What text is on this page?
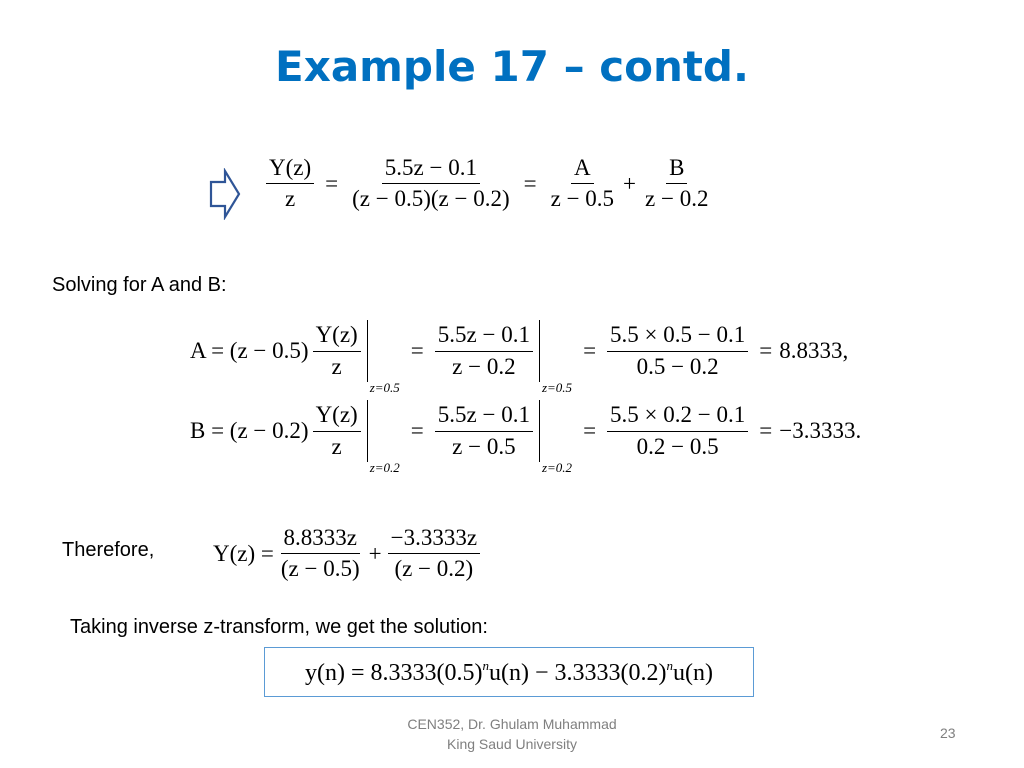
Example 17 – contd.
$\frac{Y(z)}{z} = \frac{5.5z - 0.1}{(z - 0.5)(z - 0.2)} = \frac{A}{z - 0.5} + \frac{B}{z - 0.2}$
Solving for A and B:
$A = (z - 0.5) \frac{Y(z)}{z}$
z=0.5
= $\frac{5.5z - 0.1}{z - 0.2}$
z=0.5
= $\frac{5.5 \times 0.5 - 0.1}{0.5 - 0.2} = 8.8333$,
$B = (z - 0.2) \frac{Y(z)}{z}$
z=0.2
= $\frac{5.5z - 0.1}{z - 0.5}$
z=0.2
= $\frac{5.5 \times 0.2 - 0.1}{0.2 - 0.5} = -3.3333$.
Therefore,	$Y(z) = \frac{8.8333z}{(z - 0.5)} + \frac{-3.3333z}{(z - 0.2)}$
Taking inverse z-transform, we get the solution:
$y(n) = 8.3333(0.5)^nu(n) - 3.3333(0.2)^nu(n)$
CEN352, Dr. Ghulam Muhammad
King Saud University
23
